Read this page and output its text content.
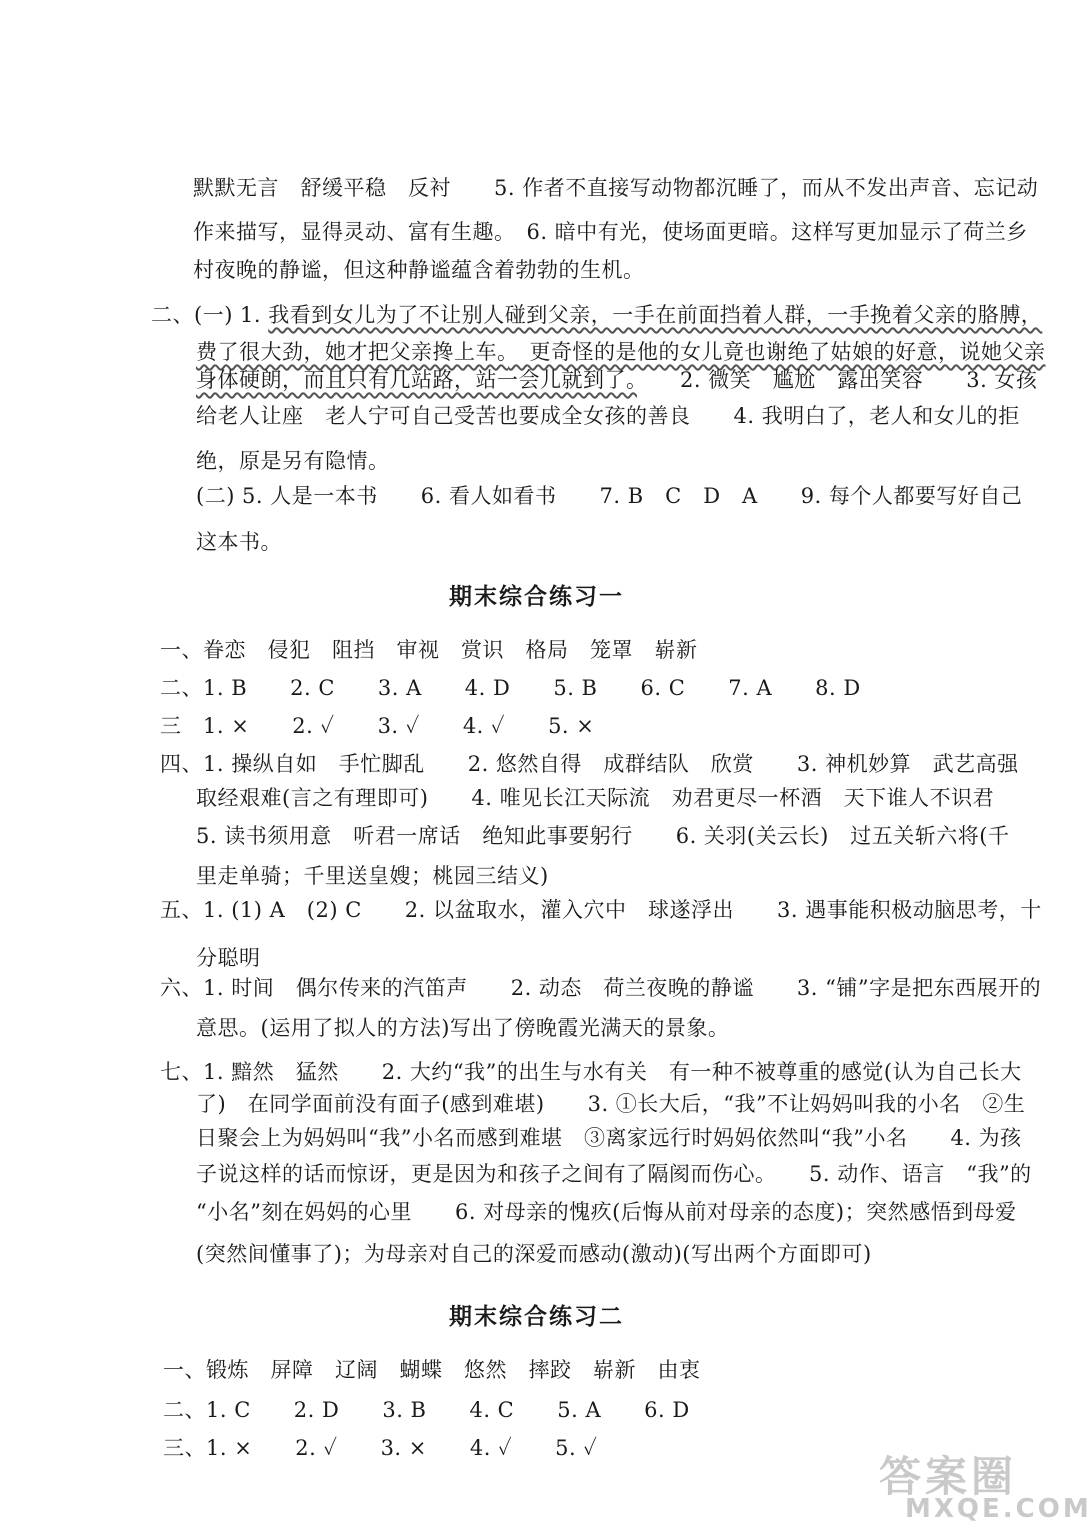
默默无言　舒缓平稳　反衬　　5. 作者不直接写动物都沉睡了，而从不发出声音、忘记动
作来描写，显得灵动、富有生趣。　6. 暗中有光，使场面更暗。这样写更加显示了荷兰乡
村夜晚的静谧，但这种静谧蕴含着勃勃的生机。
二、(一) 1. 我看到女儿为了不让别人碰到父亲，一手在前面挡着人群，一手挽着父亲的胳膊，
费了很大劲，她才把父亲搀上车。　更奇怪的是他的女儿竟也谢绝了姑娘的好意，说她父亲
身体硬朗，而且只有几站路，站一会儿就到了。　　2. 微笑　尴尬　露出笑容　　3. 女孩
给老人让座　老人宁可自己受苦也要成全女孩的善良　　4. 我明白了，老人和女儿的拒
绝，原是另有隐情。
(二) 5. 人是一本书　　6. 看人如看书　　7. B　C　D　A　　9. 每个人都要写好自己
这本书。
期末综合练习一
一、眷恋　侵犯　阻挡　审视　赏识　格局　笼罩　崭新
二、1. B　　2. C　　3. A　　4. D　　5. B　　6. C　　7. A　　8. D
三　1. ×　　2. ✓　　3. ✓　　4. ✓　　5. ×
四、1. 操纵自如　手忙脚乱　　2. 悠然自得　成群结队　欣赏　　3. 神机妙算　武艺高强
取经艰难(言之有理即可)　　4. 唯见长江天际流　劝君更尽一杯酒　天下谁人不识君
5. 读书须用意　听君一席话　绝知此事要躬行　　6. 关羽(关云长)　过五关斩六将(千
里走单骑；千里送皇嫂；桃园三结义)
五、1. (1) A　(2) C　　2. 以盆取水，灌入穴中　球遂浮出　　3. 遇事能积极动脑思考，十
分聪明
六、1. 时间　偶尔传来的汽笛声　　2. 动态　荷兰夜晚的静谧　　3. “铺”字是把东西展开的
意思。(运用了拟人的方法)写出了傍晚霞光满天的景象。
七、1. 黯然　猛然　　2. 大约“我”的出生与水有关　有一种不被尊重的感觉(认为自己长大
了)　在同学面前没有面子(感到难堪)　　3. ①长大后，“我”不让妈妈叫我的小名　②生
日聚会上为妈妈叫“我”小名而感到难堪　③离家远行时妈妈依然叫“我”小名　　4. 为孩
子说这样的话而惊讶，更是因为和孩子之间有了隔阂而伤心。　　5. 动作、语言　“我”的
“小名”刻在妈妈的心里　　6. 对母亲的愧疚(后悔从前对母亲的态度)；突然感悟到母爱
(突然间懂事了)；为母亲对自己的深爱而感动(激动)(写出两个方面即可)
期末综合练习二
一、锻炼　屏障　辽阔　蝴蝶　悠然　摔跤　崭新　由衷
二、1. C　　2. D　　3. B　　4. C　　5. A　　6. D
三、1. ×　　2. ✓　　3. ×　　4. ✓　　5. ✓
答案圈
MXQE.COM
